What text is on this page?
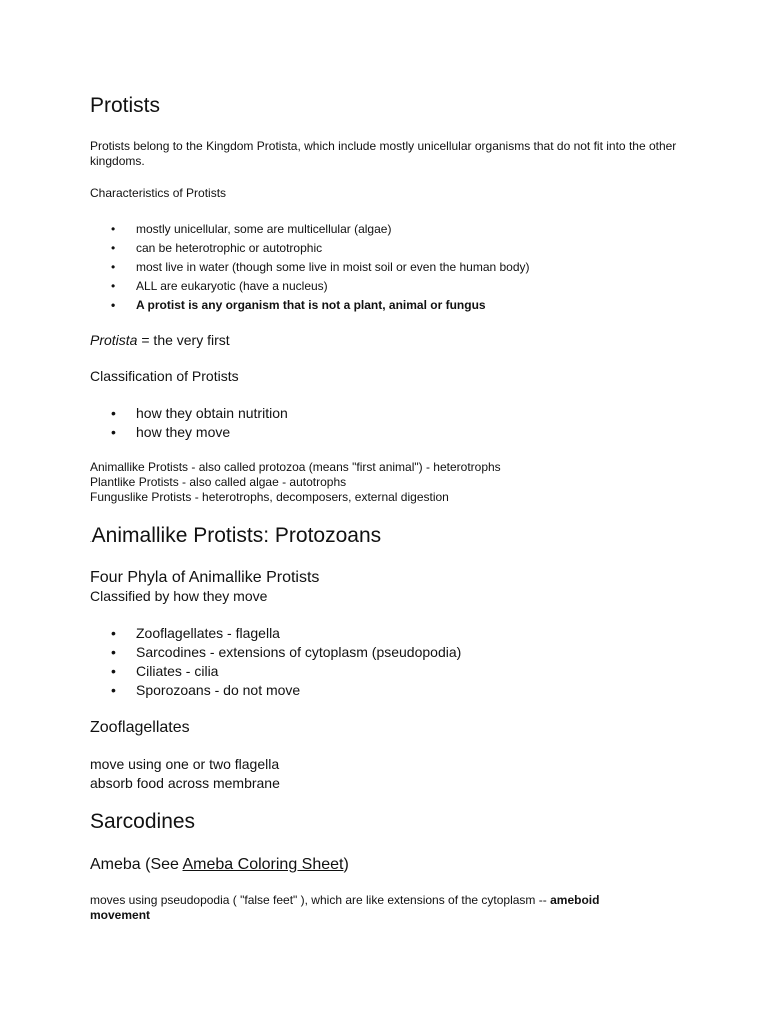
Protists
Protists belong to the Kingdom Protista, which include mostly unicellular organisms that do not fit into the other kingdoms.
Characteristics of Protists
• mostly unicellular, some are multicellular (algae)
• can be heterotrophic or autotrophic
• most live in water (though some live in moist soil or even the human body)
• ALL are eukaryotic (have a nucleus)
• A protist is any organism that is not a plant, animal or fungus
Protista = the very first
Classification of Protists
• how they obtain nutrition
• how they move
Animallike Protists - also called protozoa (means "first animal") - heterotrophs
Plantlike Protists - also called algae - autotrophs
Funguslike Protists - heterotrophs, decomposers, external digestion
.Animallike Protists: Protozoans
Four Phyla of Animallike Protists
Classified by how they move
• Zooflagellates - flagella
• Sarcodines - extensions of cytoplasm (pseudopodia)
• Ciliates - cilia
• Sporozoans - do not move
Zooflagellates
move using one or two flagella
absorb food across membrane
Sarcodines
Ameba (See Ameba Coloring Sheet)
moves using pseudopodia ( "false feet" ), which are like extensions of the cytoplasm -- ameboid movement
